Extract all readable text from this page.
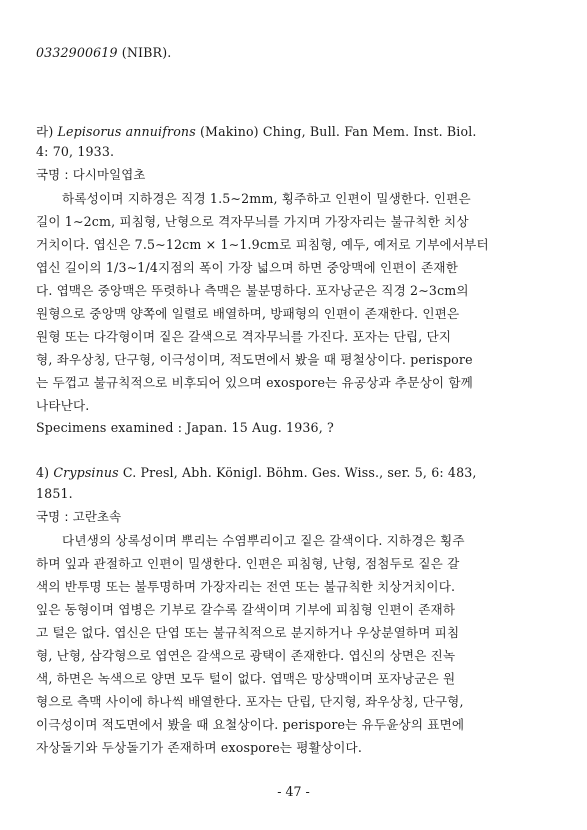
0332900619 (NIBR).
라) Lepisorus annuifrons (Makino) Ching, Bull. Fan Mem. Inst. Biol.
4: 70, 1933.
국명 : 다시마일엽초
하록성이며 지하경은 직경 1.5∼2mm, 횡주하고 인편이 밀생한다. 인편은
길이 1∼2cm, 피침형, 난형으로 격자무늬를 가지며 가장자리는 불규칙한 치상
거치이다. 엽신은 7.5∼12cm × 1∼1.9cm로 피침형, 예두, 예저로 기부에서부터
엽신 길이의 1/3∼1/4지점의 폭이 가장 넓으며 하면 중앙맥에 인편이 존재한
다. 엽맥은 중앙맥은 뚜렷하나 측맥은 불분명하다. 포자낭군은 직경 2∼3cm의
원형으로 중앙맥 양쪽에 일렬로 배열하며, 방패형의 인편이 존재한다. 인편은
원형 또는 다각형이며 짙은 갈색으로 격자무늬를 가진다. 포자는 단립, 단지
형, 좌우상칭, 단구형, 이극성이며, 적도면에서 봤을 때 평철상이다. perispore
는 두껍고 불규칙적으로 비후되어 있으며 exospore는 유공상과 추문상이 함께
나타난다.
Specimens examined : Japan. 15 Aug. 1936, ?
4) Crypsinus C. Presl, Abh. Königl. Böhm. Ges. Wiss., ser. 5, 6: 483,
1851.
국명 : 고란초속
다년생의 상록성이며 뿌리는 수염뿌리이고 짙은 갈색이다. 지하경은 횡주
하며 잎과 관절하고 인편이 밀생한다. 인편은 피침형, 난형, 점첨두로 짙은 갈
색의 반투명 또는 불투명하며 가장자리는 전연 또는 불규칙한 치상거치이다.
잎은 동형이며 엽병은 기부로 갈수록 갈색이며 기부에 피침형 인편이 존재하
고 털은 없다. 엽신은 단엽 또는 불규칙적으로 분지하거나 우상분열하며 피침
형, 난형, 삼각형으로 엽연은 갈색으로 광택이 존재한다. 엽신의 상면은 진녹
색, 하면은 녹색으로 양면 모두 털이 없다. 엽맥은 망상맥이며 포자낭군은 원
형으로 측맥 사이에 하나씩 배열한다. 포자는 단립, 단지형, 좌우상칭, 단구형,
이극성이며 적도면에서 봤을 때 요철상이다. perispore는 유두윤상의 표면에
자상돌기와 두상돌기가 존재하며 exospore는 평활상이다.
- 47 -
